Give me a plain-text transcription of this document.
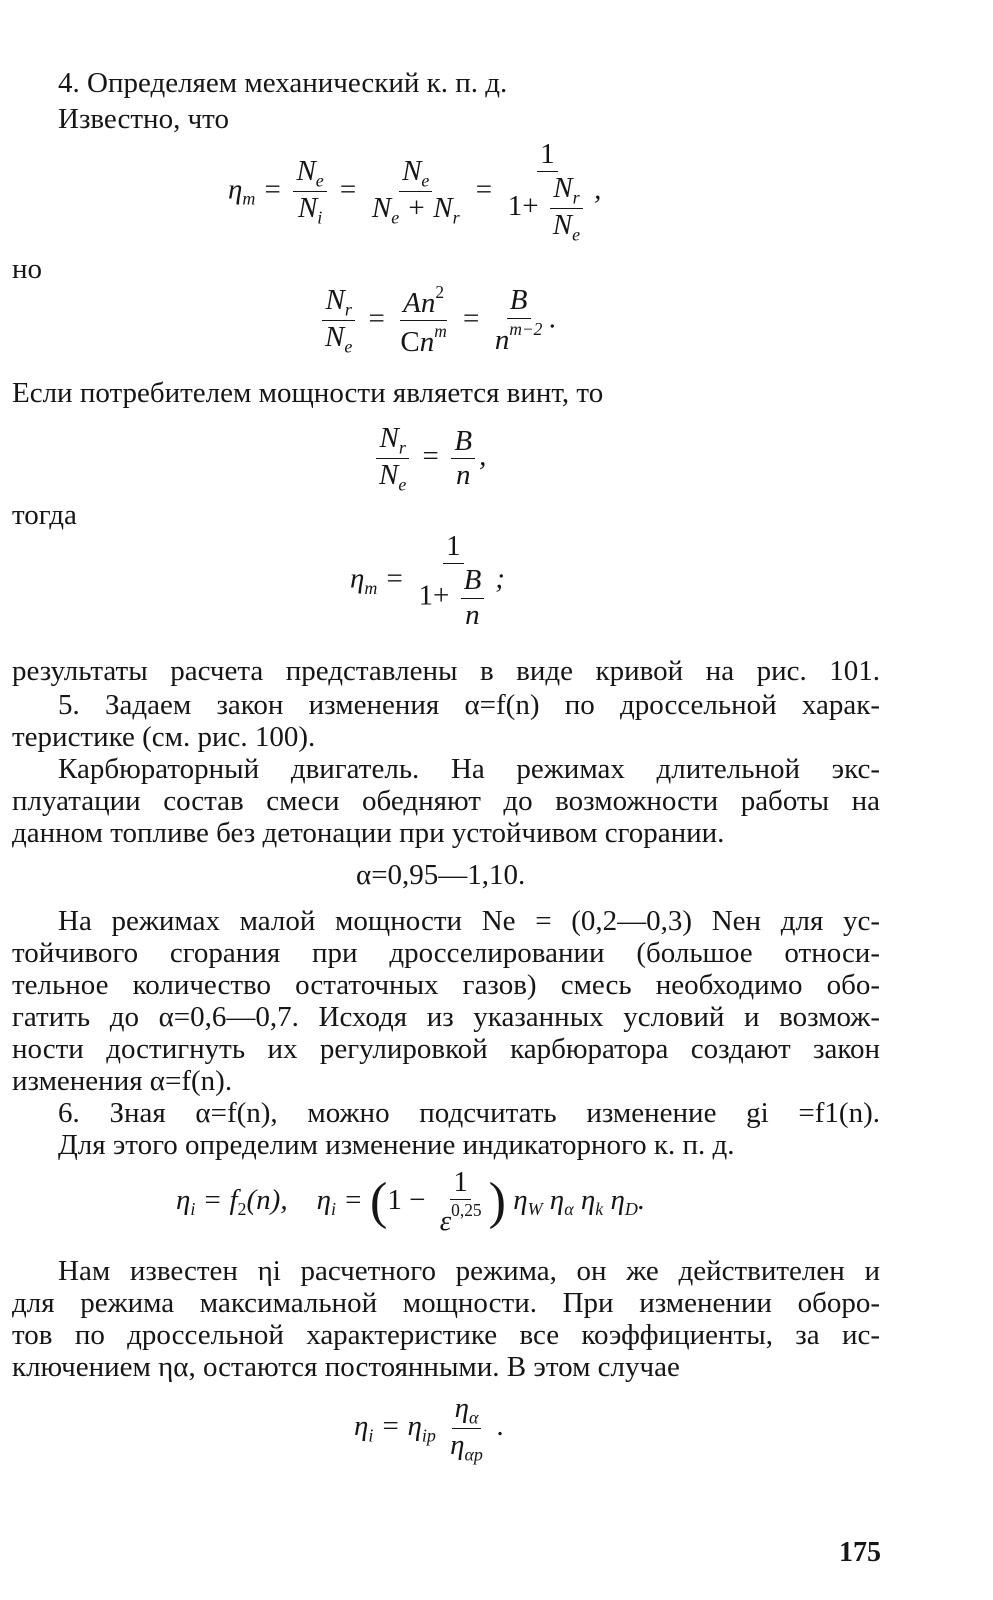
4. Определяем механический к. п. д.
Известно, что
$\eta_m = \frac{N_e}{N_i} = \frac{N_e}{N_e + N_r} = \frac{1}{1+ \frac{N_r}{N_e}}$ ,
но
$\frac{N_r}{N_e} = \frac{An^2}{Cn^m} = \frac{B}{n^{m-2}}$ .
Если потребителем мощности является винт, то
$\frac{N_r}{N_e} = \frac{B}{n}$ ,
тогда
$\eta_m = \frac{1}{1+ \frac{B}{n}}$ ;
результаты расчета представлены в виде кривой на рис. 101.
5. Задаем закон изменения α=f(n) по дроссельной харак-
теристике (см. рис. 100).
Карбюраторный двигатель. На режимах длительной экс-
плуатации состав смеси обедняют до возможности работы на
данном топливе без детонации при устойчивом сгорании.
α=0,95—1,10.
На режимах малой мощности Ne = (0,2—0,3) Neн для ус-
тойчивого сгорания при дросселировании (большое относи-
тельное количество остаточных газов) смесь необходимо обо-
гатить до α=0,6—0,7. Исходя из указанных условий и возмож-
ности достигнуть их регулировкой карбюратора создают закон
изменения α=f(n).
6. Зная α=f(n), можно подсчитать изменение gi =f1(n).
Для этого определим изменение индикаторного к. п. д.
$\eta_i = f_2(n)$,    $\eta_i = (1 - \frac{1}{\varepsilon^{0,25}}$ ) $\eta_W$ $\eta_\alpha$ $\eta_k$ $\eta_D$.
Нам известен ηi расчетного режима, он же действителен и
для режима максимальной мощности. При изменении оборо-
тов по дроссельной характеристике все коэффициенты, за ис-
ключением ηα, остаются постоянными. В этом случае
$\eta_i = \eta_{ip} \frac{\eta_\alpha}{\eta_{\alpha p}}$ .
175
